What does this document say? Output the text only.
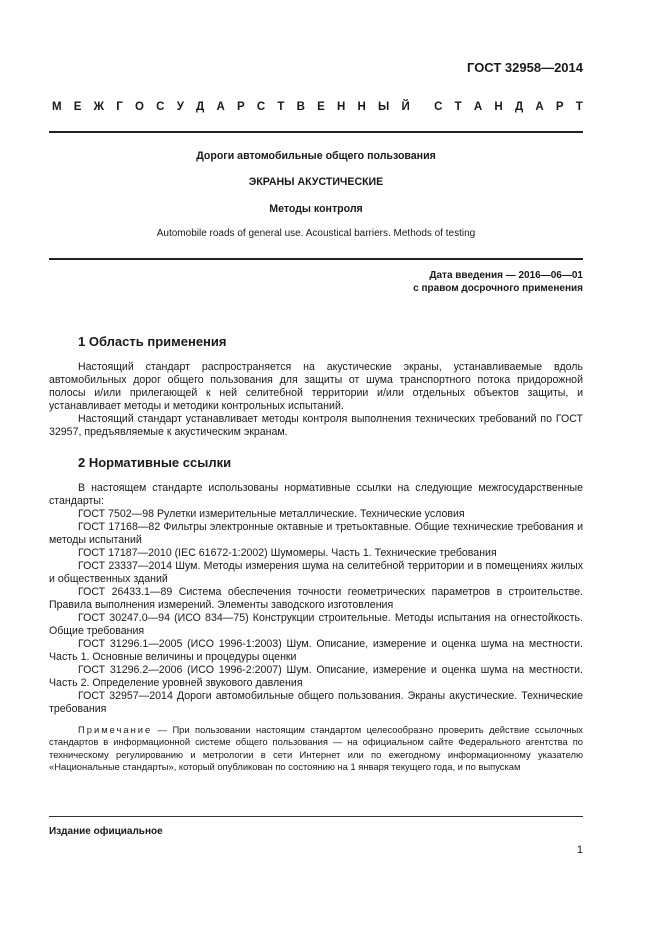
ГОСТ 32958—2014
М Е Ж Г О С У Д А Р С Т В Е Н Н Ы Й С Т А Н Д А Р Т
Дороги автомобильные общего пользования
ЭКРАНЫ АКУСТИЧЕСКИЕ
Методы контроля
Automobile roads of general use. Acoustical barriers. Methods of testing
Дата введения — 2016—06—01
с правом досрочного применения
1 Область применения

Настоящий стандарт распространяется на акустические экраны, устанавливаемые вдоль автомобильных дорог общего пользования для защиты от шума транспортного потока придорожной полосы и/или прилегающей к ней селитебной территории и/или отдельных объектов защиты, и устанавливает методы и методики контрольных испытаний.

Настоящий стандарт устанавливает методы контроля выполнения технических требований по ГОСТ 32957, предъявляемые к акустическим экранам.

2 Нормативные ссылки

В настоящем стандарте использованы нормативные ссылки на следующие межгосударственные стандарты:

ГОСТ 7502—98 Рулетки измерительные металлические. Технические условия

ГОСТ 17168—82 Фильтры электронные октавные и третьоктавные. Общие технические требования и методы испытаний

ГОСТ 17187—2010 (IEC 61672-1:2002) Шумомеры. Часть 1. Технические требования

ГОСТ 23337—2014 Шум. Методы измерения шума на селитебной территории и в помещениях жилых и общественных зданий

ГОСТ 26433.1—89 Система обеспечения точности геометрических параметров в строительстве. Правила выполнения измерений. Элементы заводского изготовления

ГОСТ 30247.0—94 (ИСО 834—75) Конструкции строительные. Методы испытания на огнестойкость. Общие требования

ГОСТ 31296.1—2005 (ИСО 1996-1:2003) Шум. Описание, измерение и оценка шума на местности. Часть 1. Основные величины и процедуры оценки

ГОСТ 31296.2—2006 (ИСО 1996-2:2007) Шум. Описание, измерение и оценка шума на местности. Часть 2. Определение уровней звукового давления

ГОСТ 32957—2014 Дороги автомобильные общего пользования. Экраны акустические. Технические требования

Примечание — При пользовании настоящим стандартом целесообразно проверить действие ссылочных стандартов в информационной системе общего пользования — на официальном сайте Федерального агентства по техническому регулированию и метрологии в сети Интернет или по ежегодному информационному указателю «Национальные стандарты», который опубликован по состоянию на 1 января текущего года, и по выпускам

Издание официальное
1
